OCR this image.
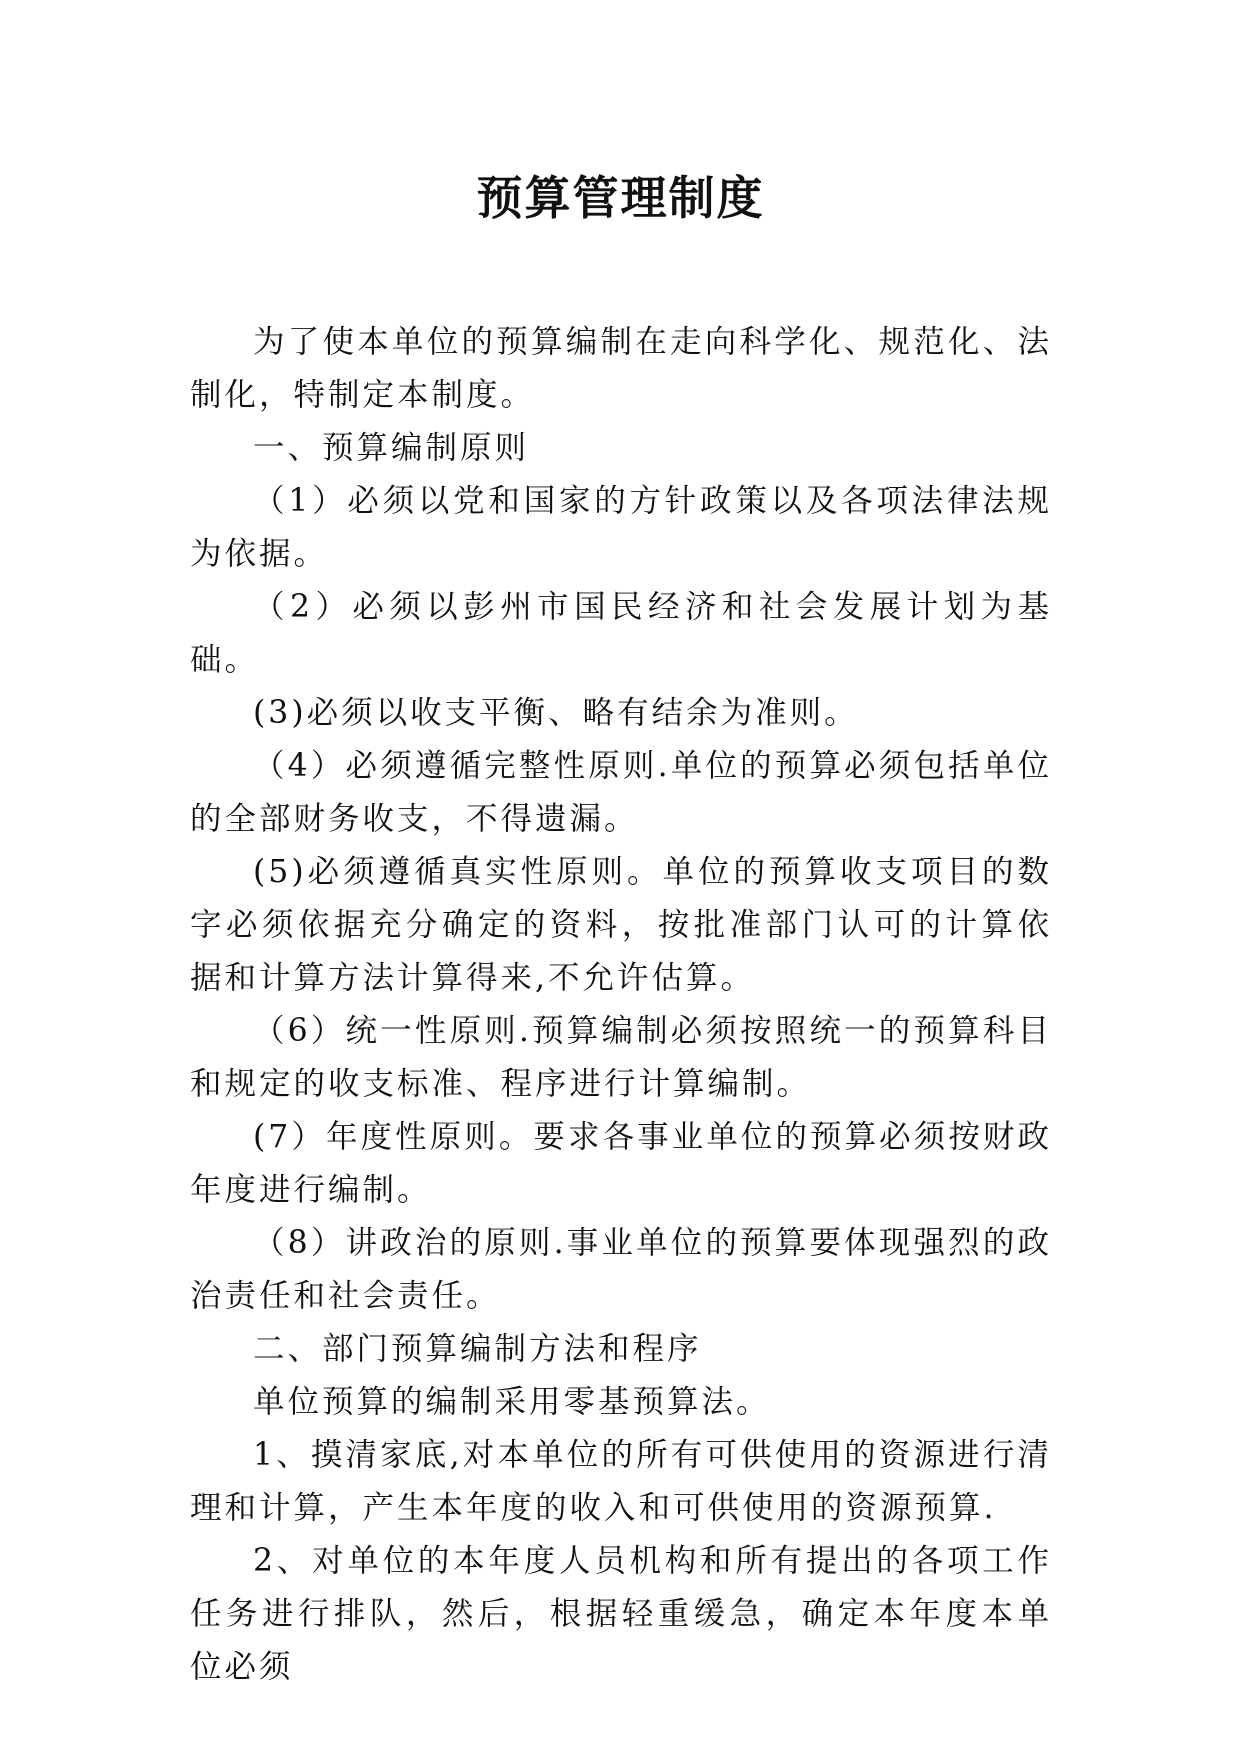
预算管理制度

为了使本单位的预算编制在走向科学化、规范化、法制化，特制定本制度。

一、预算编制原则

（1）必须以党和国家的方针政策以及各项法律法规为依据。

（2）必须以彭州市国民经济和社会发展计划为基础。

(3)必须以收支平衡、略有结余为准则。

（4）必须遵循完整性原则.单位的预算必须包括单位的全部财务收支，不得遗漏。

(5)必须遵循真实性原则。单位的预算收支项目的数字必须依据充分确定的资料，按批准部门认可的计算依据和计算方法计算得来,不允许估算。

（6）统一性原则.预算编制必须按照统一的预算科目和规定的收支标准、程序进行计算编制。

(7）年度性原则。要求各事业单位的预算必须按财政年度进行编制。

（8）讲政治的原则.事业单位的预算要体现强烈的政治责任和社会责任。

二、部门预算编制方法和程序

单位预算的编制采用零基预算法。

1、摸清家底,对本单位的所有可供使用的资源进行清理和计算，产生本年度的收入和可供使用的资源预算.

2、对单位的本年度人员机构和所有提出的各项工作任务进行排队，然后，根据轻重缓急，确定本年度本单位必须
